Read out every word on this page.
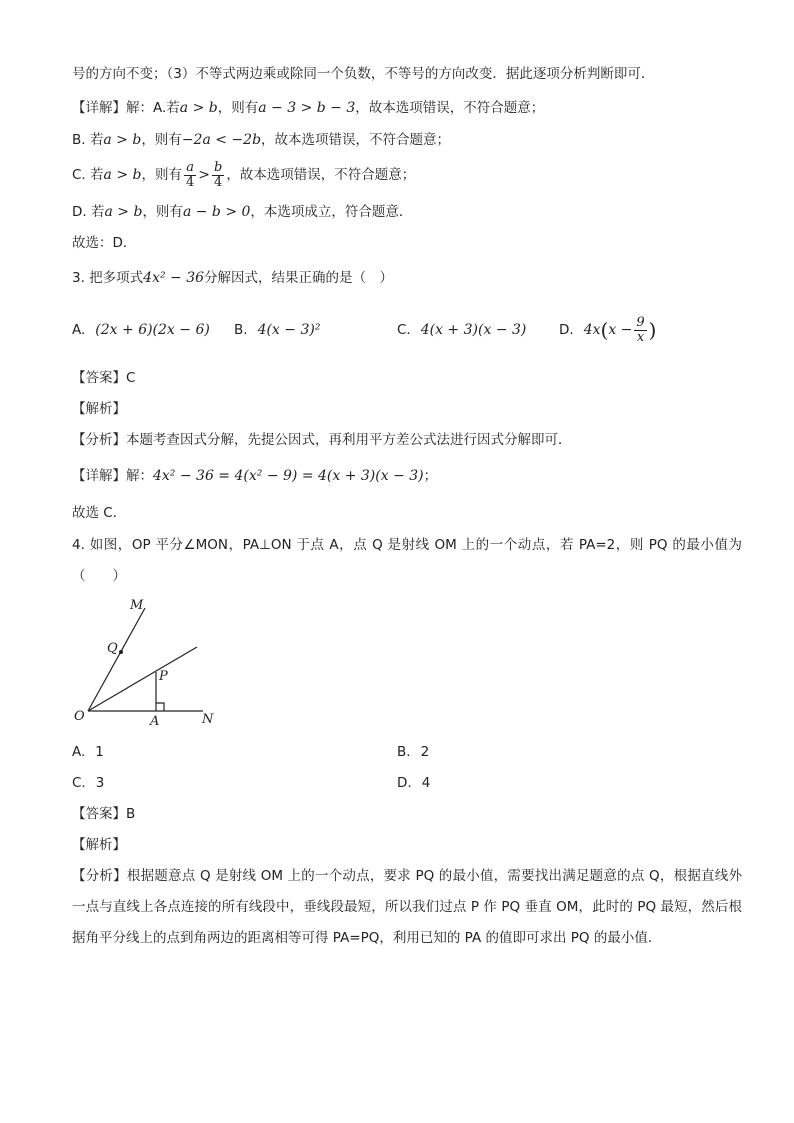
号的方向不变；（3）不等式两边乘或除同一个负数，不等号的方向改变．据此逐项分析判断即可．
【详解】解：A.若a > b，则有a − 3 > b − 3，故本选项错误，不符合题意；
B. 若a > b，则有−2a < −2b，故本选项错误，不符合题意；
C. 若a > b，则有 $\frac{a}{4} > \frac{b}{4}$ ，故本选项错误，不符合题意；
D. 若a > b，则有a − b > 0，本选项成立，符合题意．
故选：D．
3. 把多项式4x² − 36分解因式，结果正确的是（　）
A. (2x + 6)(2x − 6) B. 4(x − 3)²	C. 4(x + 3)(x − 3) D. $4x(x - \frac{9}{x}$ )
【答案】C
【解析】
【分析】本题考查因式分解，先提公因式，再利用平方差公式法进行因式分解即可．
【详解】解：4x² − 36 = 4(x² − 9) = 4(x + 3)(x − 3)；
故选 C．
4. 如图，OP 平分∠MON，PA⊥ON 于点 A，点 Q 是射线 OM 上的一个动点，若 PA=2，则 PQ 的最小值为（　　）
M
Q
P
O	A	N
A. 1	B. 2
C. 3	D. 4
【答案】B
【解析】
【分析】根据题意点 Q 是射线 OM 上的一个动点，要求 PQ 的最小值，需要找出满足题意的点 Q，根据直线外一点与直线上各点连接的所有线段中，垂线段最短，所以我们过点 P 作 PQ 垂直 OM，此时的 PQ 最短，然后根据角平分线上的点到角两边的距离相等可得 PA=PQ，利用已知的 PA 的值即可求出 PQ 的最小值．
